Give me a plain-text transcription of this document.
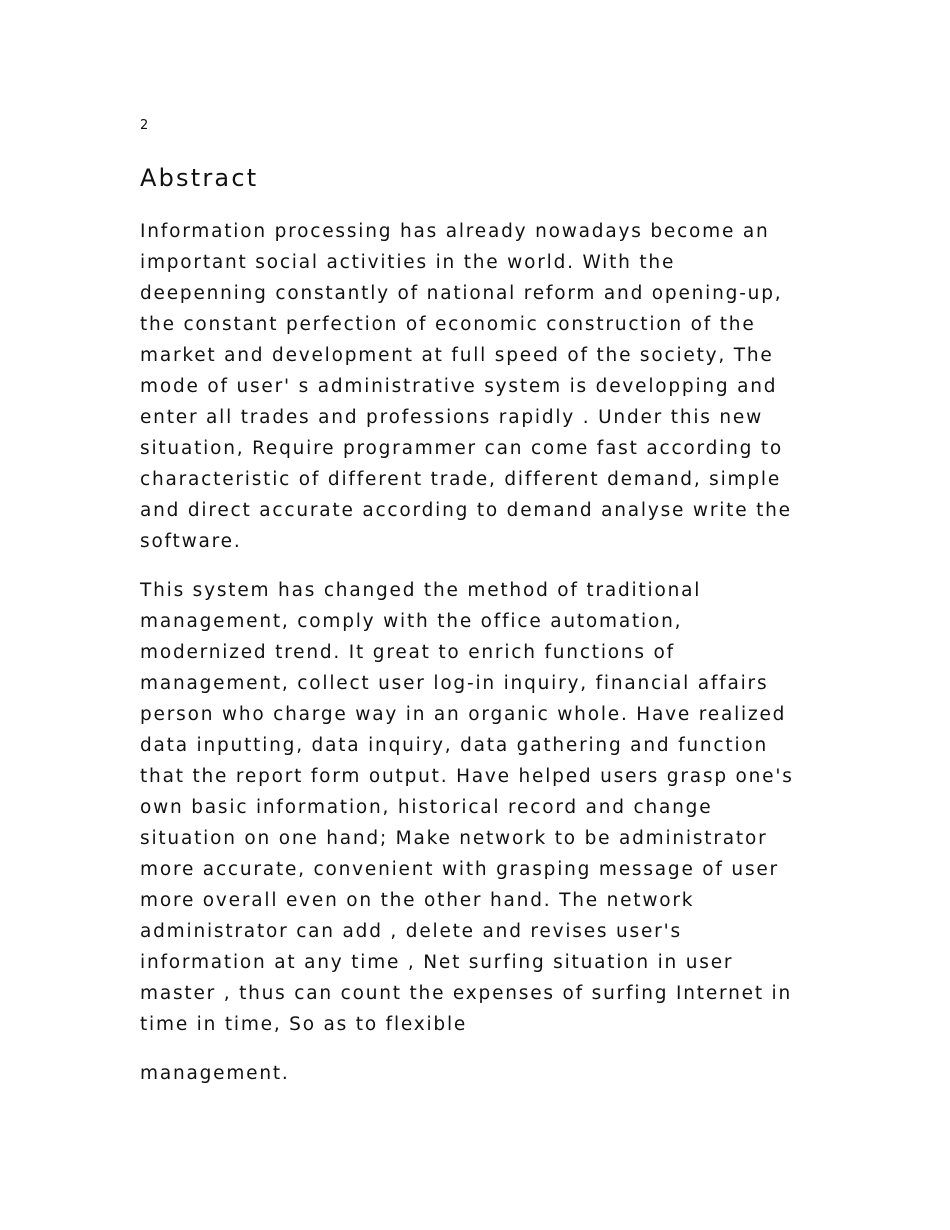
2
Abstract

Information processing has already nowadays become an
important social activities in the world. With the
deepenning constantly of national reform and opening-up,
the constant perfection of economic construction of the
market and development at full speed of the society, The
mode of user' s administrative system is developping and
enter all trades and professions rapidly . Under this new
situation, Require programmer can come fast according to
characteristic of different trade, different demand, simple
and direct accurate according to demand analyse write the
software.

This system has changed the method of traditional
management, comply with the office automation,
modernized trend. It great to enrich functions of
management, collect user log-in inquiry, financial affairs
person who charge way in an organic whole. Have realized
data inputting, data inquiry, data gathering and function
that the report form output. Have helped users grasp one's
own basic information, historical record and change
situation on one hand; Make network to be administrator
more accurate, convenient with grasping message of user
more overall even on the other hand. The network
administrator can add , delete and revises user's
information at any time , Net surfing situation in user
master , thus can count the expenses of surfing Internet in
time in time, So as to flexible

management.
